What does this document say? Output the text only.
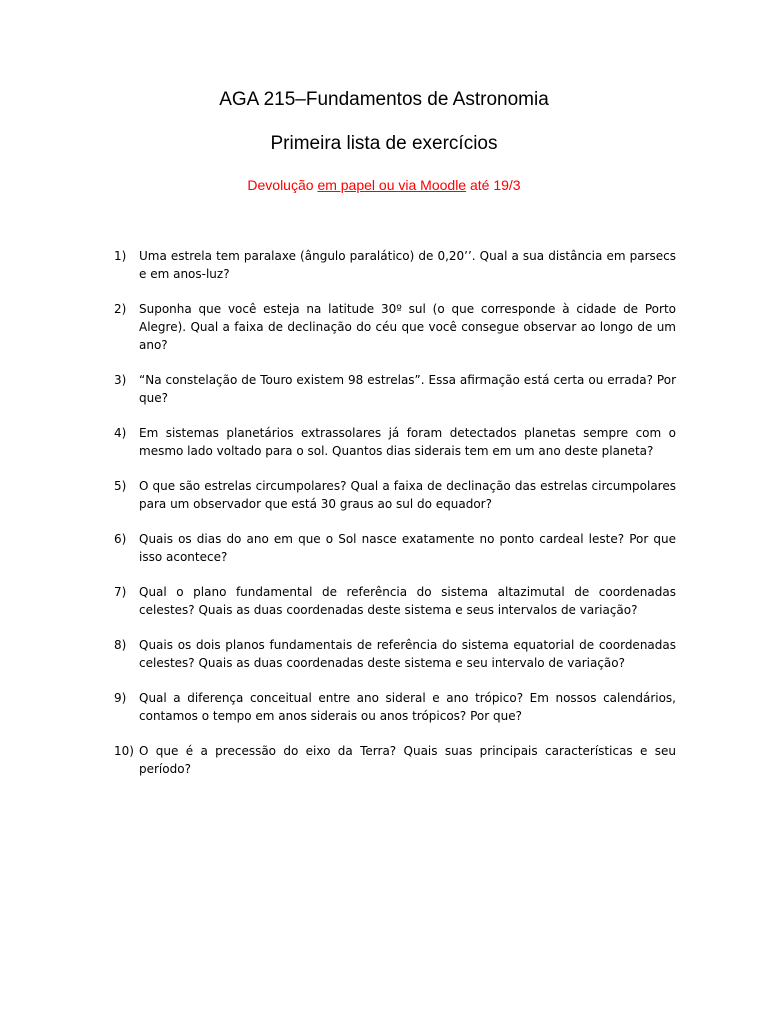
AGA 215–Fundamentos de Astronomia
Primeira lista de exercícios
Devolução em papel ou via Moodle até 19/3
1)	Uma estrela tem paralaxe (ângulo paralático) de 0,20’’. Qual a sua distância em parsecs e em anos-luz?
2)	Suponha que você esteja na latitude 30º sul (o que corresponde à cidade de Porto Alegre). Qual a faixa de declinação do céu que você consegue observar ao longo de um ano?
3)	“Na constelação de Touro existem 98 estrelas”. Essa afirmação está certa ou errada? Por que?
4)	Em sistemas planetários extrassolares já foram detectados planetas sempre com o mesmo lado voltado para o sol. Quantos dias siderais tem em um ano deste planeta?
5)	O que são estrelas circumpolares? Qual a faixa de declinação das estrelas circumpolares para um observador que está 30 graus ao sul do equador?
6)	Quais os dias do ano em que o Sol nasce exatamente no ponto cardeal leste? Por que isso acontece?
7)	Qual o plano fundamental de referência do sistema altazimutal de coordenadas celestes? Quais as duas coordenadas deste sistema e seus intervalos de variação?
8)	Quais os dois planos fundamentais de referência do sistema equatorial de coordenadas celestes? Quais as duas coordenadas deste sistema e seu intervalo de variação?
9)	Qual a diferença conceitual entre ano sideral e ano trópico? Em nossos calendários, contamos o tempo em anos siderais ou anos trópicos? Por que?
10) O que é a precessão do eixo da Terra? Quais suas principais características e seu período?
